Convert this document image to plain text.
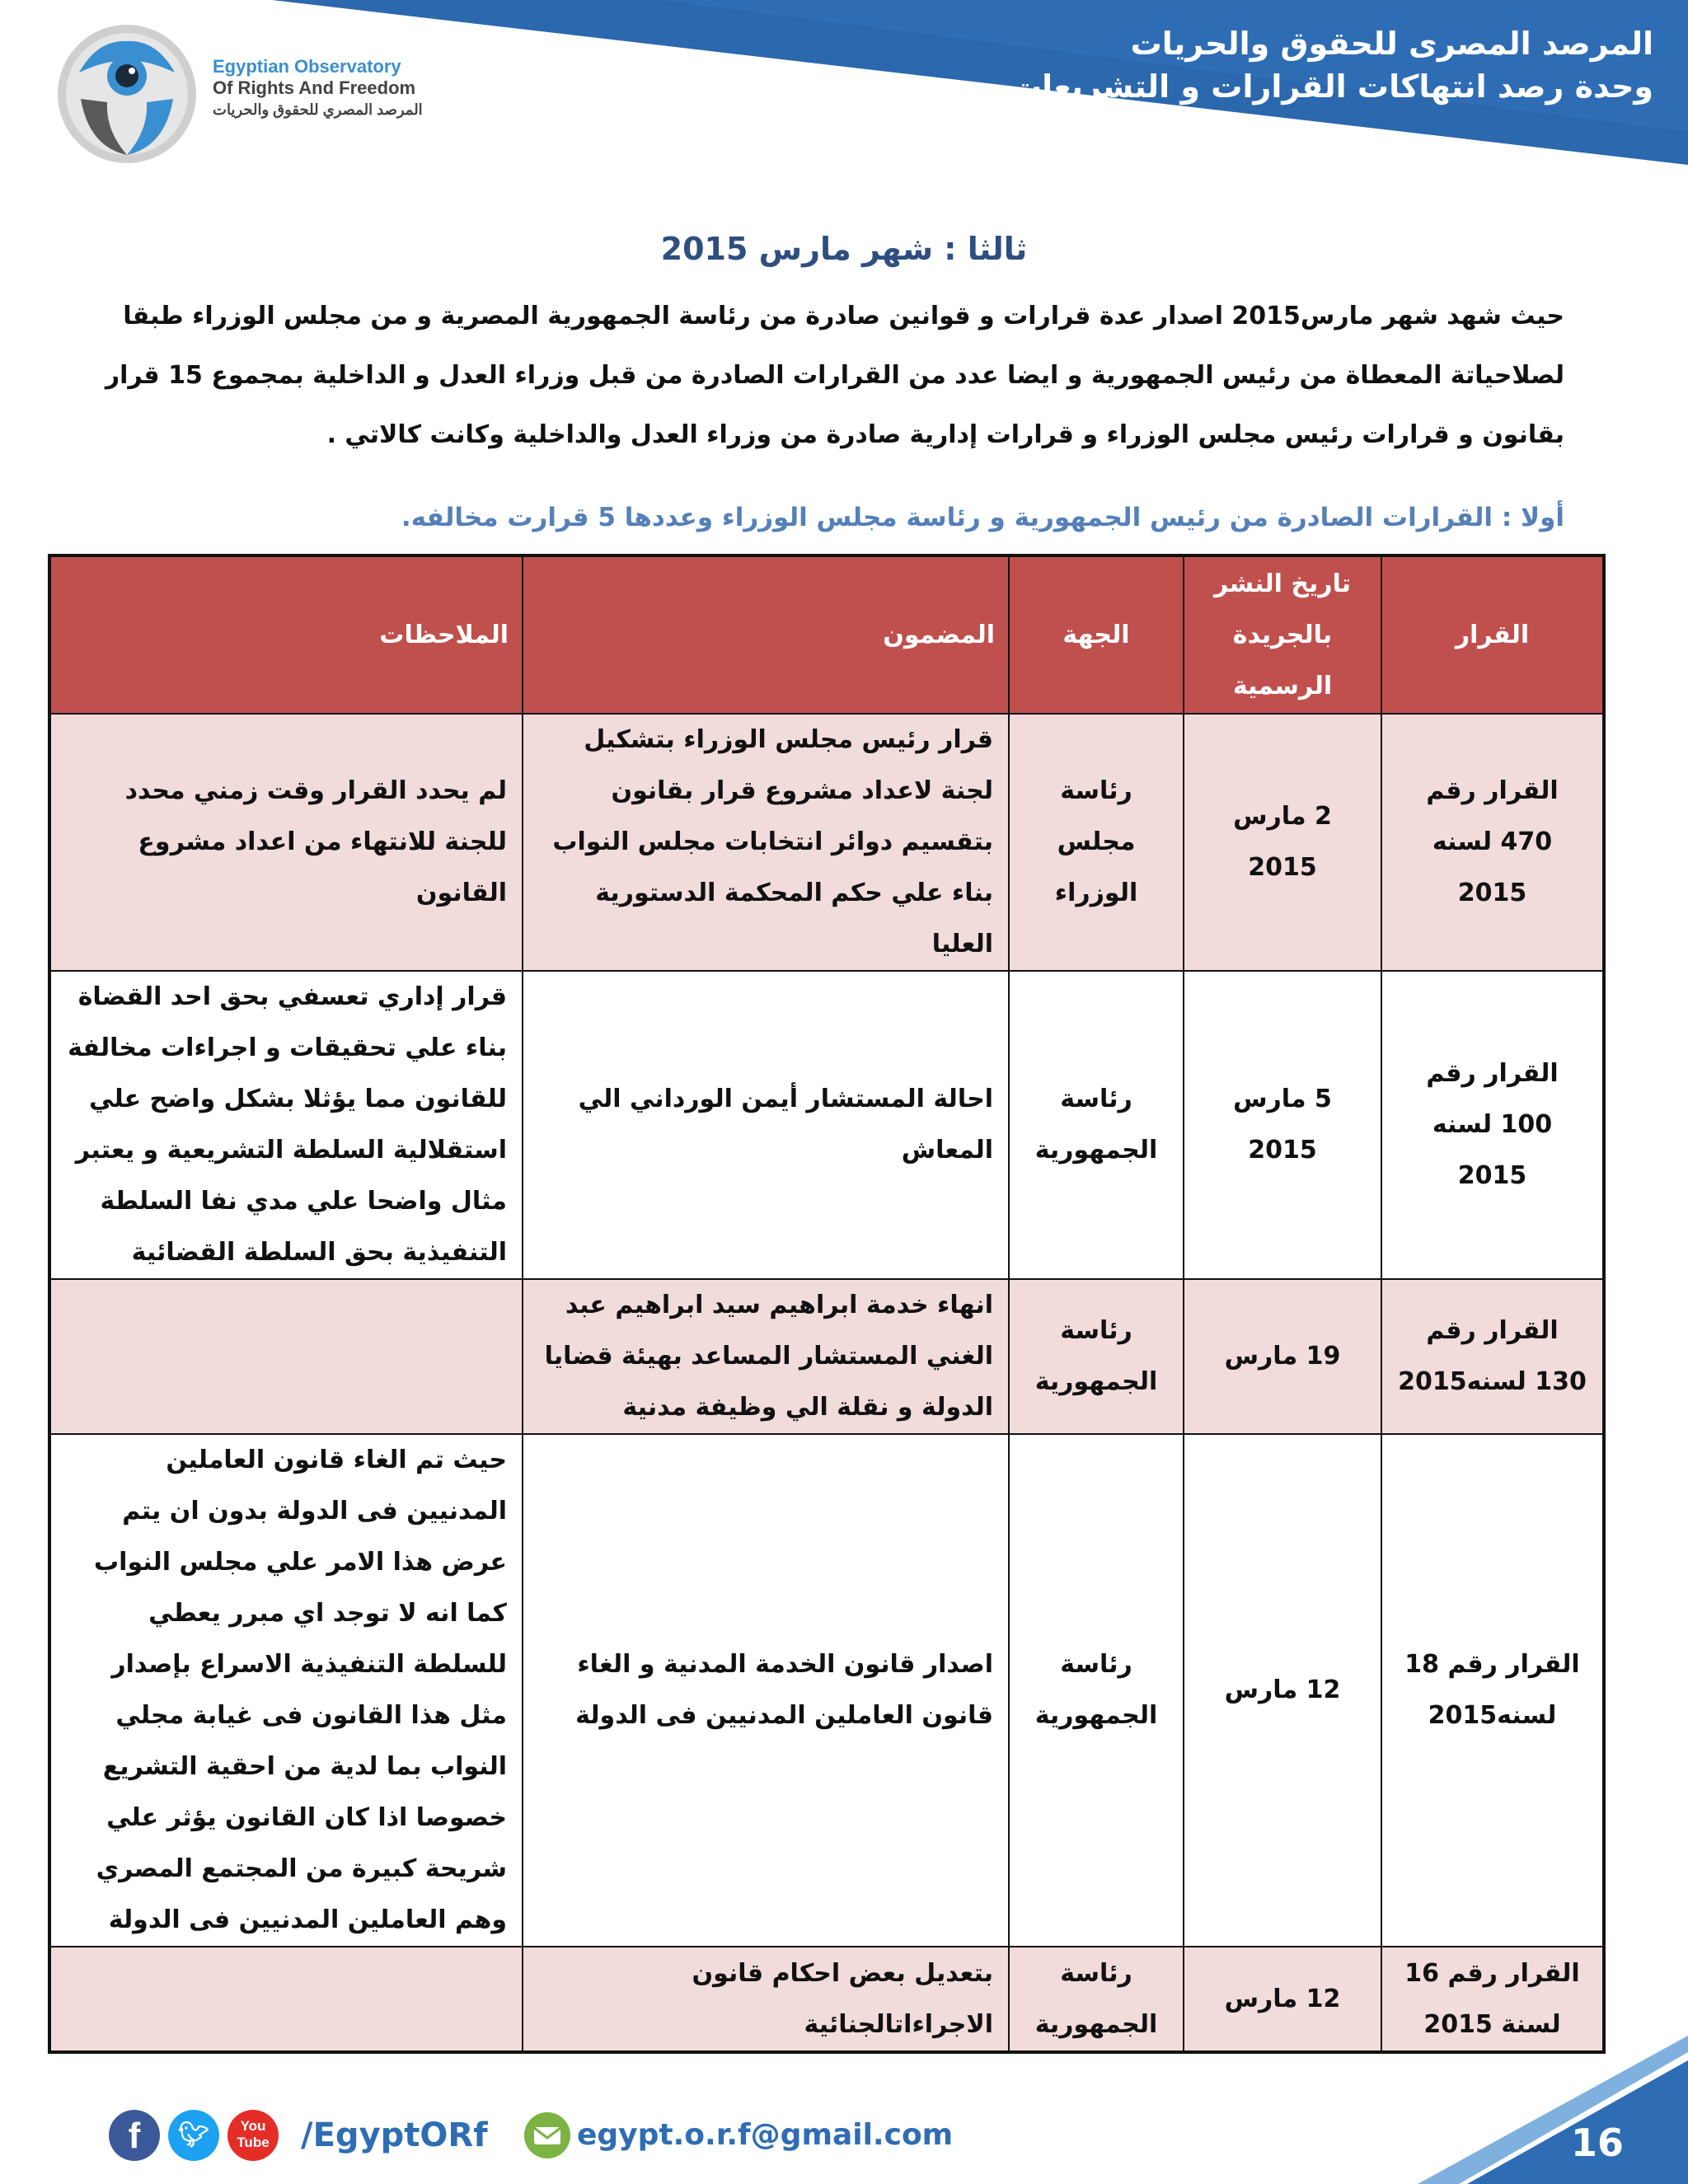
المرصد المصرى للحقوق والحريات
وحدة رصد انتهاكات القرارات و التشريعات
Egyptian Observatory
Of Rights And Freedom
المرصد المصري للحقوق والحريات
ثالثا : شهر مارس 2015

حيث شهد شهر مارس2015 اصدار عدة قرارات و قوانين صادرة من رئاسة الجمهورية المصرية و من مجلس الوزراء طبقا

لصلاحياتة المعطاة من رئيس الجمهورية و ايضا عدد من القرارات الصادرة من قبل وزراء العدل و الداخلية بمجموع 15 قرار

بقانون و قرارات رئيس مجلس الوزراء و قرارات إدارية صادرة من وزراء العدل والداخلية وكانت كالاتي .

أولا : القرارات الصادرة من رئيس الجمهورية و رئاسة مجلس الوزراء وعددها 5 قرارت مخالفه.
القرار	تاريخ النشر بالجريدة الرسمية	الجهة	المضمون	الملاحظات
القرار رقم 470 لسنه 2015	2 مارس 2015	رئاسة مجلس الوزراء	قرار رئيس مجلس الوزراء بتشكيل لجنة لاعداد مشروع قرار بقانون بتقسيم دوائر انتخابات مجلس النواب بناء علي حكم المحكمة الدستورية العليا	لم يحدد القرار وقت زمني محدد للجنة للانتهاء من اعداد مشروع القانون
القرار رقم 100 لسنه 2015	5 مارس 2015	رئاسة الجمهورية	احالة المستشار أيمن الورداني الي المعاش	قرار إداري تعسفي بحق احد القضاة بناء علي تحقيقات و اجراءات مخالفة للقانون مما يؤثلا بشكل واضح علي استقلالية السلطة التشريعية و يعتبر مثال واضحا علي مدي نفا السلطة التنفيذية بحق السلطة القضائية
القرار رقم 130 لسنه2015	19 مارس	رئاسة الجمهورية	انهاء خدمة ابراهيم سيد ابراهيم عبد الغني المستشار المساعد بهيئة قضايا الدولة و نقلة الي وظيفة مدنية	
القرار رقم 18 لسنه2015	12 مارس	رئاسة الجمهورية	اصدار قانون الخدمة المدنية و الغاء قانون العاملين المدنيين فى الدولة	حيث تم الغاء قانون العاملين المدنيين فى الدولة بدون ان يتم عرض هذا الامر علي مجلس النواب كما انه لا توجد اي مبرر يعطي للسلطة التنفيذية الاسراع بإصدار مثل هذا القانون فى غيابة مجلي النواب بما لدية من احقية التشريع خصوصا اذا كان القانون يؤثر علي شريحة كبيرة من المجتمع المصري وهم العاملين المدنيين فى الدولة
القرار رقم 16 لسنة 2015	12 مارس	رئاسة الجمهورية	بتعديل بعض احكام قانون الاجراءاتالجنائية	
f	🐦︎	You Tube /EgyptORf	egypt.o.r.f@gmail.com	16
